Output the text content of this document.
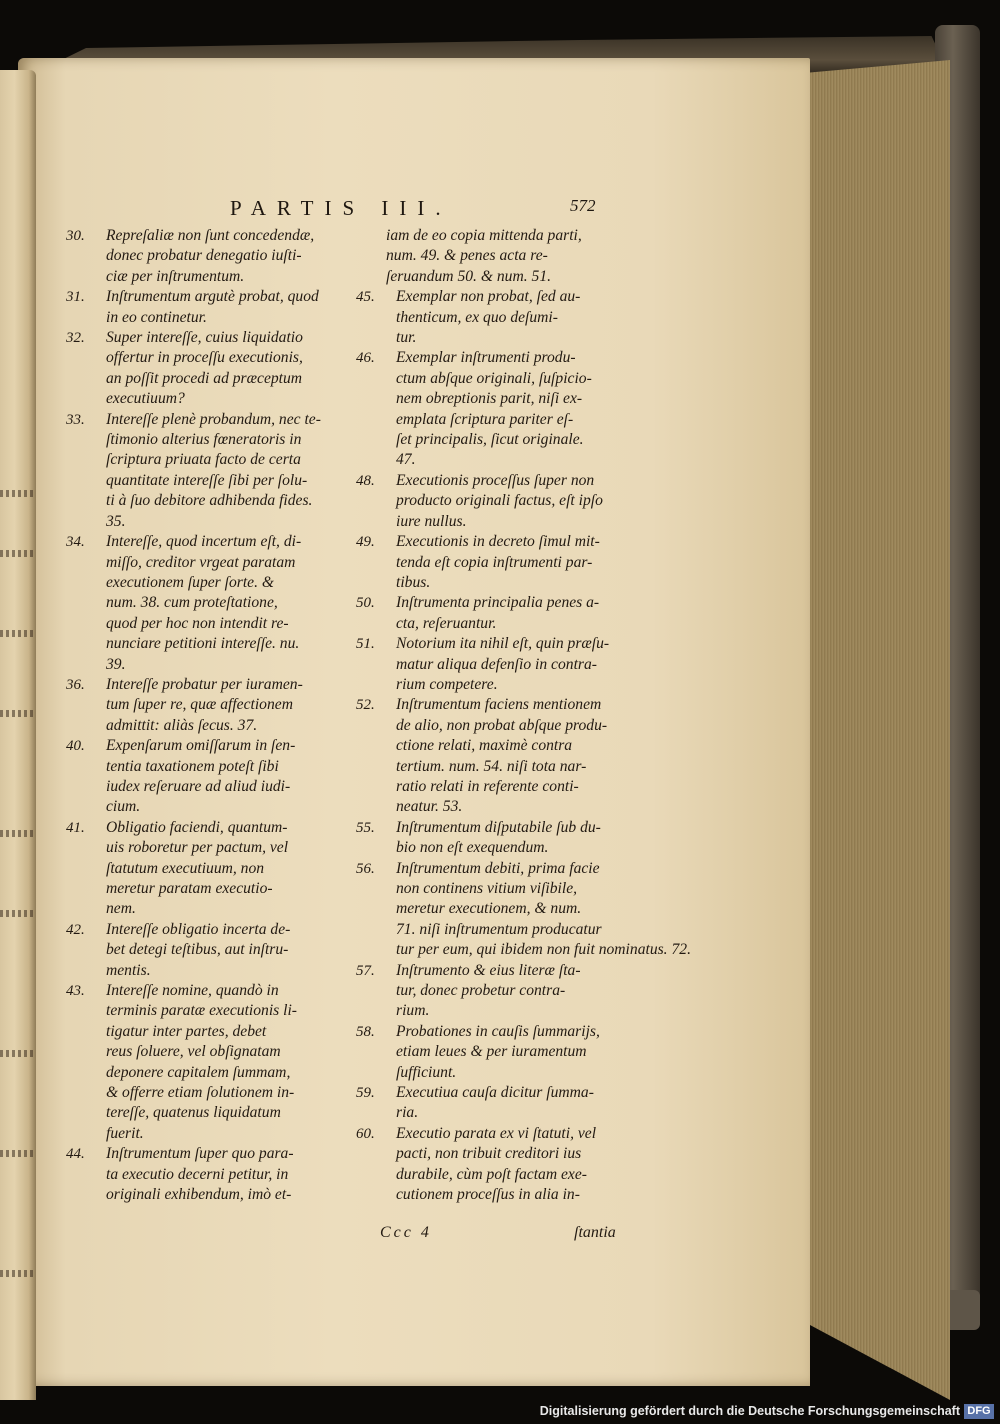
PARTIS III.	572
30. Repreſaliæ non ſunt concedendæ,
donec probatur denegatio iuſti-
ciæ per inſtrumentum.
31. Inſtrumentum argutè probat, quod
in eo continetur.
32. Super intereſſe, cuius liquidatio
offertur in proceſſu executionis,
an poſſit procedi ad præceptum
executiuum?
33. Intereſſe plenè probandum, nec te-
ſtimonio alterius fœneratoris in
ſcriptura priuata facto de certa
quantitate intereſſe ſibi per ſolu-
ti à ſuo debitore adhibenda fides.
35.
34. Intereſſe, quod incertum eſt, di-
miſſo, creditor vrgeat paratam
executionem ſuper ſorte. &
num. 38. cum proteſtatione,
quod per hoc non intendit re-
nunciare petitioni intereſſe. nu.
39.
36. Intereſſe probatur per iuramen-
tum ſuper re, quæ affectionem
admittit: aliàs ſecus. 37.
40. Expenſarum omiſſarum in ſen-
tentia taxationem poteſt ſibi
iudex reſeruare ad aliud iudi-
cium.
41. Obligatio faciendi, quantum-
uis roboretur per pactum, vel
ſtatutum executiuum, non
meretur paratam executio-
nem.
42. Intereſſe obligatio incerta de-
bet detegi teſtibus, aut inſtru-
mentis.
43. Intereſſe nomine, quandò in
terminis paratæ executionis li-
tigatur inter partes, debet
reus ſoluere, vel obſignatam
deponere capitalem ſummam,
& offerre etiam ſolutionem in-
tereſſe, quatenus liquidatum
fuerit.
44. Inſtrumentum ſuper quo para-
ta executio decerni petitur, in
originali exhibendum, imò et-
iam de eo copia mittenda parti,
num. 49. & penes acta re-
ſeruandum 50. & num. 51.
45. Exemplar non probat, ſed au-
thenticum, ex quo deſumi-
tur.
46. Exemplar inſtrumenti produ-
ctum abſque originali, ſuſpicio-
nem obreptionis parit, niſi ex-
emplata ſcriptura pariter eſ-
ſet principalis, ſicut originale.
47.
48. Executionis proceſſus ſuper non
producto originali factus, eſt ipſo
iure nullus.
49. Executionis in decreto ſimul mit-
tenda eſt copia inſtrumenti par-
tibus.
50. Inſtrumenta principalia penes a-
cta, reſeruantur.
51. Notorium ita nihil eſt, quin præſu-
matur aliqua defenſio in contra-
rium competere.
52. Inſtrumentum faciens mentionem
de alio, non probat abſque produ-
ctione relati, maximè contra
tertium. num. 54. niſi tota nar-
ratio relati in referente conti-
neatur. 53.
55. Inſtrumentum diſputabile ſub du-
bio non eſt exequendum.
56. Inſtrumentum debiti, prima facie
non continens vitium viſibile,
meretur executionem, & num.
71. niſi inſtrumentum producatur
tur per eum, qui ibidem non fuit nominatus. 72.
57. Inſtrumento & eius literæ ſta-
tur, donec probetur contra-
rium.
58. Probationes in cauſis ſummarijs,
etiam leues & per iuramentum
ſufficiunt.
59. Executiua cauſa dicitur ſumma-
ria.
60. Executio parata ex vi ſtatuti, vel
pacti, non tribuit creditori ius
durabile, cùm poſt factam exe-
cutionem proceſſus in alia in-
Ccc 4	ſtantia
Digitalisierung gefördert durch die Deutsche Forschungsgemeinschaft DFG
